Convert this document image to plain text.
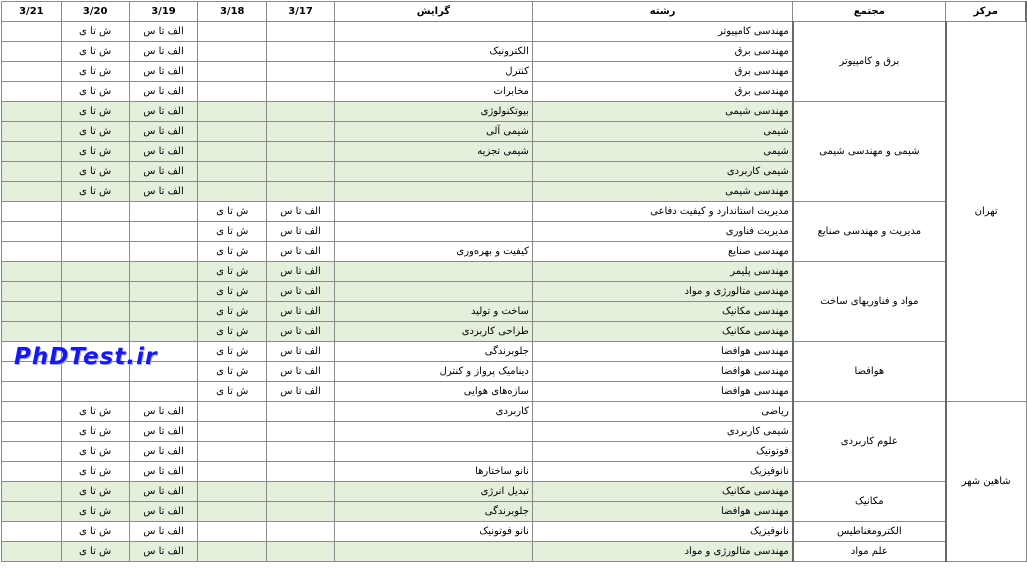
مرکز	مجتمع	رشته	گرایش	3/17	3/18	3/19	3/20	3/21
تهران	برق و کامپیوتر	مهندسی کامپیوتر				الف تا س	ش تا ی	
		مهندسی برق	الکترونیک			الف تا س	ش تا ی	
		مهندسی برق	کنترل			الف تا س	ش تا ی	
		مهندسی برق	مخابرات			الف تا س	ش تا ی	
	شیمی و مهندسی شیمی	مهندسی شیمی	بیوتکنولوژی			الف تا س	ش تا ی	
		شیمی	شیمی آلی			الف تا س	ش تا ی	
		شیمی	شیمی تجزیه			الف تا س	ش تا ی	
		شیمی کاربردی				الف تا س	ش تا ی	
		مهندسی شیمی				الف تا س	ش تا ی	
	مدیریت و مهندسی صنایع	مدیریت استاندارد و کیفیت دفاعی		الف تا س	ش تا ی			
		مدیریت فناوری		الف تا س	ش تا ی			
		مهندسی صنایع	کیفیت و بهره‌وری	الف تا س	ش تا ی			
	مواد و فناوریهای ساخت	مهندسی پلیمر		الف تا س	ش تا ی			
		مهندسی متالورژی و مواد		الف تا س	ش تا ی			
		مهندسی مکانیک	ساخت و تولید	الف تا س	ش تا ی			
		مهندسی مکانیک	طراحی کاربردی	الف تا س	ش تا ی			
	هوافضا	مهندسی هوافضا	جلوبرندگی	الف تا س	ش تا ی			
		مهندسی هوافضا	دینامیک پرواز و کنترل	الف تا س	ش تا ی			
		مهندسی هوافضا	سازه‌های هوایی	الف تا س	ش تا ی			
شاهین شهر	علوم کاربردی	ریاضی	کاربردی			الف تا س	ش تا ی	
		شیمی کاربردی				الف تا س	ش تا ی	
		فوتونیک				الف تا س	ش تا ی	
		نانوفیزیک	نانو ساختارها			الف تا س	ش تا ی	
	مکانیک	مهندسی مکانیک	تبدیل انرژی			الف تا س	ش تا ی	
		مهندسی هوافضا	جلوبرندگی			الف تا س	ش تا ی	
	الکترومغناطیس	نانوفیزیک	نانو فوتونیک			الف تا س	ش تا ی	
	علم مواد	مهندسی متالورژی و مواد				الف تا س	ش تا ی	
PhDTest.ir
